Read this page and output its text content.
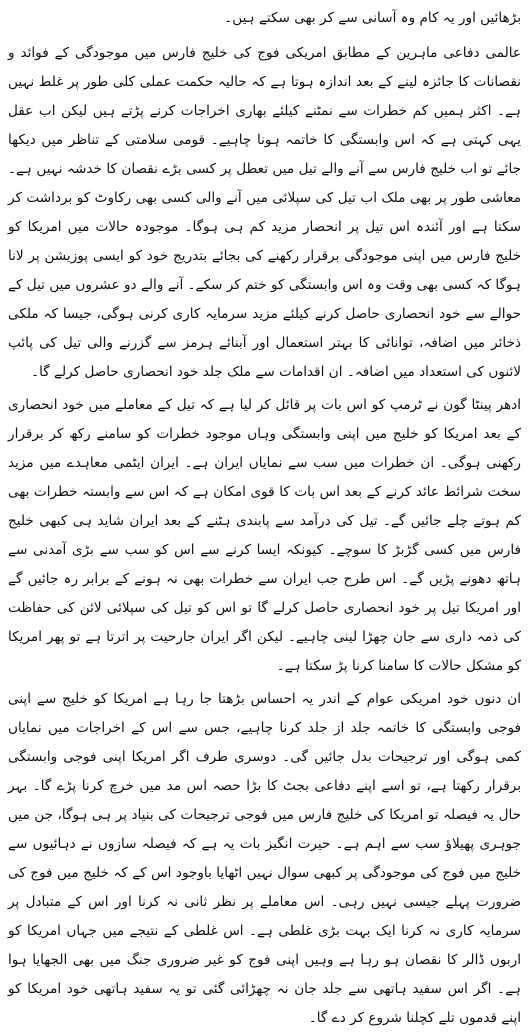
بڑھائیں اور یہ کام وہ آسانی سے کر بھی سکتے ہیں۔

عالمی دفاعی ماہرین کے مطابق امریکی فوج کی خلیج فارس میں موجودگی کے فوائد و نقصانات کا جائزہ لینے کے بعد اندازہ ہوتا ہے کہ حالیہ حکمت عملی کلی طور پر غلط نہیں ہے۔ اکثر ہمیں کم خطرات سے نمٹنے کیلئے بھاری اخراجات کرنے پڑتے ہیں لیکن اب عقل یہی کہتی ہے کہ اس وابستگی کا خاتمہ ہونا چاہیے۔ قومی سلامتی کے تناظر میں دیکھا جائے تو اب خلیج فارس سے آنے والے تیل میں تعطل پر کسی بڑے نقصان کا خدشہ نہیں ہے۔ معاشی طور پر بھی ملک اب تیل کی سپلائی میں آنے والی کسی بھی رکاوٹ کو برداشت کر سکتا ہے اور آئندہ اس تیل پر انحصار مزید کم ہی ہوگا۔ موجودہ حالات میں امریکا کو خلیج فارس میں اپنی موجودگی برقرار رکھنے کی بجائے بتدریج خود کو ایسی پوزیشن پر لانا ہوگا کہ کسی بھی وقت وہ اس وابستگی کو ختم کر سکے۔ آنے والے دو عشروں میں تیل کے حوالے سے خود انحصاری حاصل کرنے کیلئے مزید سرمایہ کاری کرنی ہوگی، جیسا کہ ملکی ذخائر میں اضافہ، توانائی کا بہتر استعمال اور آبنائے ہرمز سے گزرنے والی تیل کی پائپ لائنوں کی استعداد میں اضافہ۔ ان اقدامات سے ملک جلد خود انحصاری حاصل کرلے گا۔

ادھر پینٹا گون نے ٹرمپ کو اس بات پر قائل کر لیا ہے کہ تیل کے معاملے میں خود انحصاری کے بعد امریکا کو خلیج میں اپنی وابستگی وہاں موجود خطرات کو سامنے رکھ کر برقرار رکھنی ہوگی۔ ان خطرات میں سب سے نمایاں ایران ہے۔ ایران ایٹمی معاہدے میں مزید سخت شرائط عائد کرنے کے بعد اس بات کا قوی امکان ہے کہ اس سے وابستہ خطرات بھی کم ہوتے چلے جائیں گے۔ تیل کی درآمد سے پابندی ہٹنے کے بعد ایران شاید ہی کبھی خلیج فارس میں کسی گڑبڑ کا سوچے۔ کیونکہ ایسا کرنے سے اس کو سب سے بڑی آمدنی سے ہاتھ دھونے پڑیں گے۔ اس طرح جب ایران سے خطرات بھی نہ ہونے کے برابر رہ جائیں گے اور امریکا تیل پر خود انحصاری حاصل کرلے گا تو اس کو تیل کی سپلائی لائن کی حفاظت کی ذمہ داری سے جان چھڑا لینی چاہیے۔ لیکن اگر ایران جارحیت پر اترتا ہے تو پھر امریکا کو مشکل حالات کا سامنا کرنا پڑ سکتا ہے۔

ان دنوں خود امریکی عوام کے اندر یہ احساس بڑھتا جا رہا ہے امریکا کو خلیج سے اپنی فوجی وابستگی کا خاتمہ جلد از جلد کرنا چاہیے، جس سے اس کے اخراجات میں نمایاں کمی ہوگی اور ترجیحات بدل جائیں گی۔ دوسری طرف اگر امریکا اپنی فوجی وابستگی برقرار رکھتا ہے، تو اسے اپنے دفاعی بجٹ کا بڑا حصہ اس مد میں خرچ کرنا پڑے گا۔ بہر حال یہ فیصلہ تو امریکا کی خلیج فارس میں فوجی ترجیحات کی بنیاد پر ہی ہوگا، جن میں جوہری پھیلاؤ سب سے اہم ہے۔ حیرت انگیز بات یہ ہے کہ فیصلہ سازوں نے دہائیوں سے خلیج میں فوج کی موجودگی پر کبھی سوال نہیں اٹھایا باوجود اس کے کہ خلیج میں فوج کی ضرورت پہلے جیسی نہیں رہی۔ اس معاملے پر نظر ثانی نہ کرنا اور اس کے متبادل پر سرمایہ کاری نہ کرنا ایک بہت بڑی غلطی ہے۔ اس غلطی کے نتیجے میں جہاں امریکا کو اربوں ڈالر کا نقصان ہو رہا ہے وہیں اپنی فوج کو غیر ضروری جنگ میں بھی الجھایا ہوا ہے۔ اگر اس سفید ہاتھی سے جلد جان نہ چھڑائی گئی تو یہ سفید ہاتھی خود امریکا کو اپنے قدموں تلے کچلنا شروع کر دے گا۔
